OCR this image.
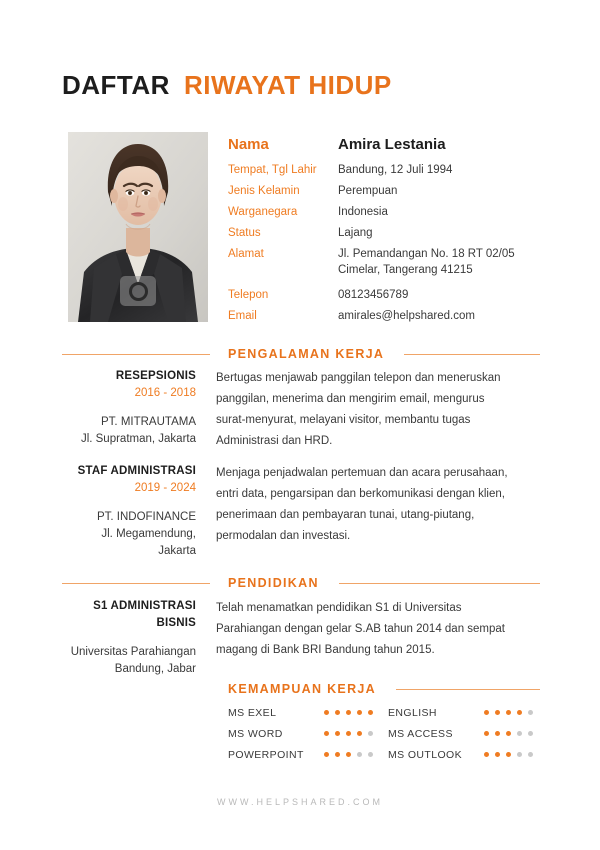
DAFTAR RIWAYAT HIDUP
Nama	Amira Lestania
Tempat, Tgl Lahir	Bandung, 12 Juli 1994
Jenis Kelamin	Perempuan
Warganegara	Indonesia
Status	Lajang
Alamat	Jl. Pemandangan No. 18 RT 02/05
Cimelar, Tangerang 41215
Telepon	08123456789
Email	amirales@helpshared.com
PENGALAMAN KERJA
RESEPSIONIS
2016 - 2018
PT. MITRAUTAMA
Jl. Supratman, Jakarta
Bertugas menjawab panggilan telepon dan meneruskan
panggilan, menerima dan mengirim email, mengurus
surat-menyurat, melayani visitor, membantu tugas
Administrasi dan HRD.
STAF ADMINISTRASI
2019 - 2024
PT. INDOFINANCE
Jl. Megamendung, Jakarta
Menjaga penjadwalan pertemuan dan acara perusahaan,
entri data, pengarsipan dan berkomunikasi dengan klien,
penerimaan dan pembayaran tunai, utang-piutang,
permodalan dan investasi.
PENDIDIKAN
S1 ADMINISTRASI BISNIS
Universitas Parahiangan
Bandung, Jabar
Telah menamatkan pendidikan S1 di Universitas
Parahiangan dengan gelar S.AB tahun 2014 dan sempat
magang di Bank BRI Bandung tahun 2015.
KEMAMPUAN KERJA
MS EXEL	ENGLISH
MS WORD	MS ACCESS
POWERPOINT	MS OUTLOOK
WWW.HELPSHARED.COM
